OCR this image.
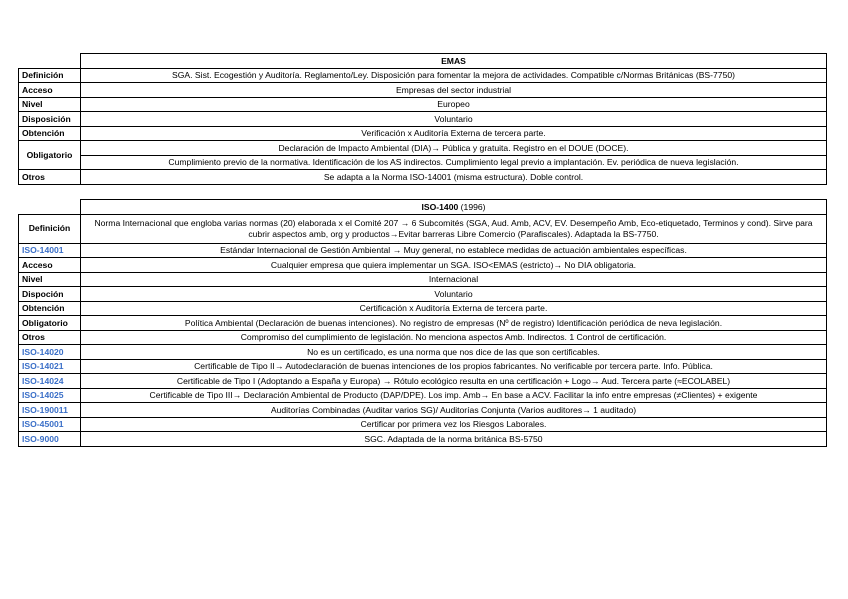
	EMAS
Definición	SGA. Sist. Ecogestión y Auditoría. Reglamento/Ley. Disposición para fomentar la mejora de actividades. Compatible c/Normas Británicas (BS-7750)
Acceso	Empresas del sector industrial
Nivel	Europeo
Disposición	Voluntario
Obtención	Verificación x Auditoría Externa de tercera parte.
Obligatorio	Declaración de Impacto Ambiental (DIA)→ Pública y gratuita. Registro en el DOUE (DOCE).
	Cumplimiento previo de la normativa. Identificación de los AS indirectos. Cumplimiento legal previo a implantación. Ev. periódica de nueva legislación.
Otros	Se adapta a la Norma ISO-14001 (misma estructura). Doble control.
	ISO-1400 (1996)
Definición	Norma Internacional que engloba varias normas (20) elaborada x el Comité 207 → 6 Subcomités (SGA, Aud. Amb, ACV, EV. Desempeño Amb, Eco-etiquetado, Terminos y cond). Sirve para cubrir aspectos amb, org y productos→Evitar barreras Libre Comercio (Parafiscales). Adaptada la BS-7750.
ISO-14001	Estándar Internacional de Gestión Ambiental → Muy general, no establece medidas de actuación ambientales específicas.
Acceso	Cualquier empresa que quiera implementar un SGA. ISO<EMAS (estricto)→ No DIA obligatoria.
Nivel	Internacional
Dispoción	Voluntario
Obtención	Certificación x Auditoría Externa de tercera parte.
Obligatorio	Política Ambiental (Declaración de buenas intenciones). No registro de empresas (Nº de registro) Identificación periódica de neva legislación.
Otros	Compromiso del cumplimiento de legislación. No menciona aspectos Amb. Indirectos. 1 Control de certificación.
ISO-14020	No es un certificado, es una norma que nos dice de las que son certificables.
ISO-14021	Certificable de Tipo II→ Autodeclaración de buenas intenciones de los propios fabricantes. No verificable por tercera parte. Info. Pública.
ISO-14024	Certificable de Tipo I (Adoptando a España y Europa) → Rótulo ecológico resulta en una certificación + Logo→ Aud. Tercera parte (≈ECOLABEL)
ISO-14025	Certificable de Tipo III→ Declaración Ambiental de Producto (DAP/DPE). Los imp. Amb→ En base a ACV. Facilitar la info entre empresas (≠Clientes) + exigente
ISO-190011	Auditorías Combinadas (Auditar varios SG)/ Auditorías Conjunta (Varios auditores→ 1 auditado)
ISO-45001	Certificar por primera vez los Riesgos Laborales.
ISO-9000	SGC. Adaptada de la norma británica BS-5750
